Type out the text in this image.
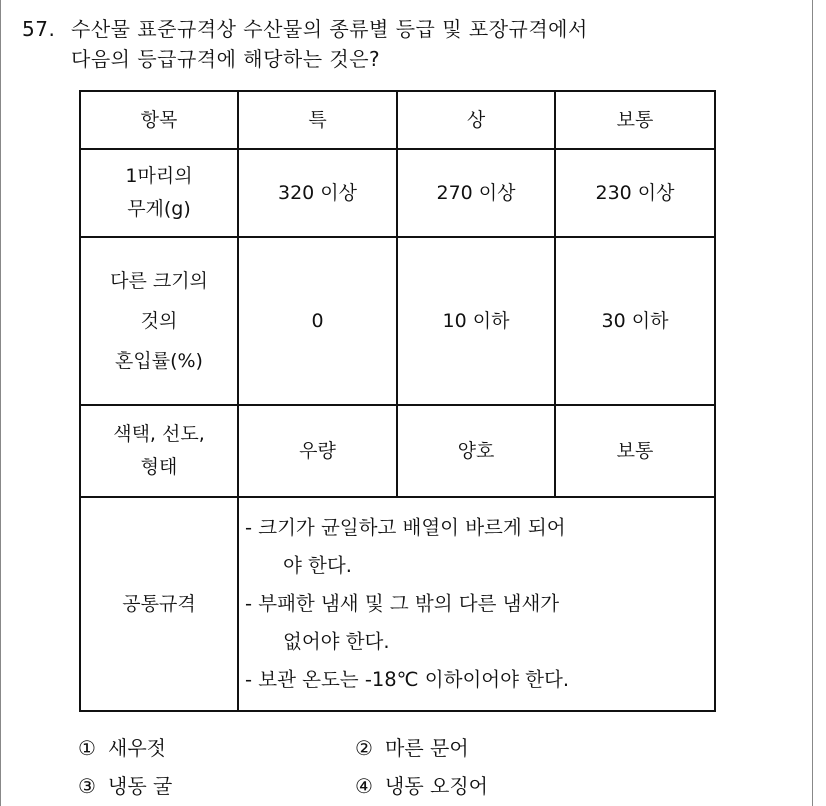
57. 수산물 표준규격상 수산물의 종류별 등급 및 포장규격에서
다음의 등급규격에 해당하는 것은?
항목	특	상	보통

1마리의
무게(g)	320 이상	270 이상	230 이상

다른 크기의
것의
혼입률(%)	0	10 이하	30 이하

색택, 선도,
형태	우량	양호	보통
공통규격	- 크기가 균일하고 배열이 바르게 되어
야 한다.
- 부패한 냄새 및 그 밖의 다른 냄새가
없어야 한다.
- 보관 온도는 -18℃ 이하이어야 한다.		
① 새우젓	② 마른 문어
③ 냉동 굴	④ 냉동 오징어
